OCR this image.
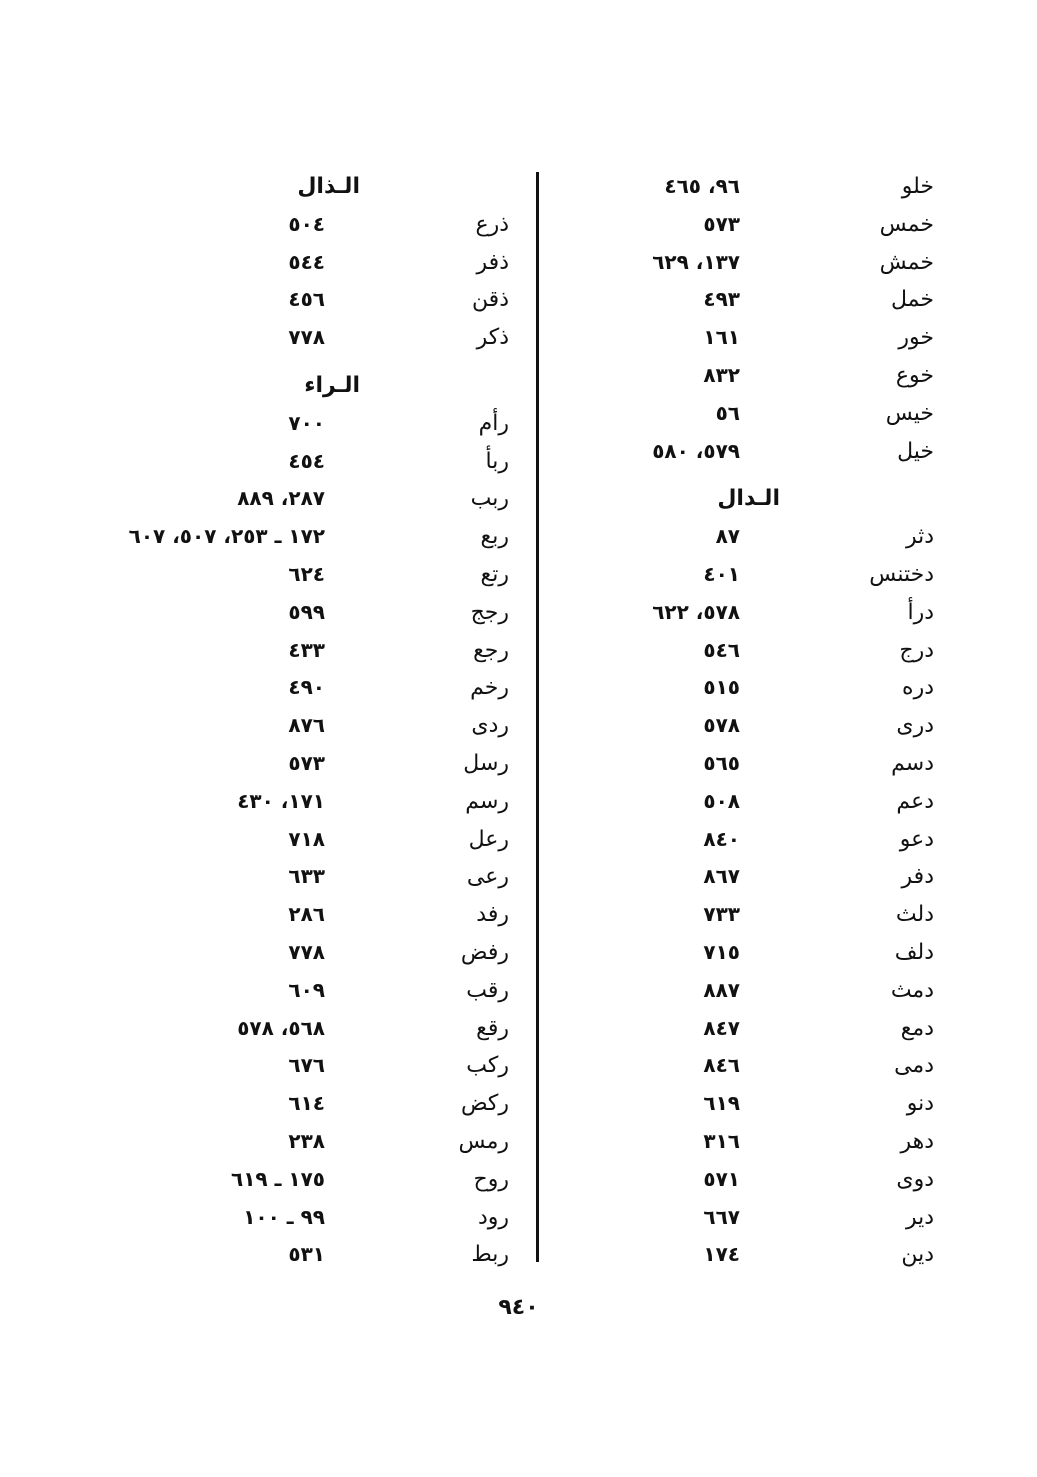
خلو
٩٦، ٤٦٥
خمس
٥٧٣
خمش
١٣٧، ٦٢٩
خمل
٤٩٣
خور
١٦١
خوع
٨٣٢
خيس
٥٦
خيل
٥٧٩، ٥٨٠
الـدال
دثر
٨٧
دختنس
٤٠١
درأ
٥٧٨، ٦٢٢
درج
٥٤٦
دره
٥١٥
درى
٥٧٨
دسم
٥٦٥
دعم
٥٠٨
دعو
٨٤٠
دفر
٨٦٧
دلث
٧٣٣
دلف
٧١٥
دمث
٨٨٧
دمع
٨٤٧
دمى
٨٤٦
دنو
٦١٩
دهر
٣١٦
دوى
٥٧١
دير
٦٦٧
دين
١٧٤
الـذال
ذرع
٥٠٤
ذفر
٥٤٤
ذقن
٤٥٦
ذكر
٧٧٨
الـراء
رأم
٧٠٠
ربأ
٤٥٤
ربب
٢٨٧، ٨٨٩
ربع
١٧٢ ـ ٢٥٣، ٥٠٧، ٦٠٧
رتع
٦٢٤
رجج
٥٩٩
رجع
٤٣٣
رخم
٤٩٠
ردى
٨٧٦
رسل
٥٧٣
رسم
١٧١، ٤٣٠
رعل
٧١٨
رعى
٦٣٣
رفد
٢٨٦
رفض
٧٧٨
رقب
٦٠٩
رقع
٥٦٨، ٥٧٨
ركب
٦٧٦
ركض
٦١٤
رمس
٢٣٨
روح
١٧٥ ـ ٦١٩
رود
٩٩ ـ ١٠٠
ربط
٥٣١
٩٤٠
